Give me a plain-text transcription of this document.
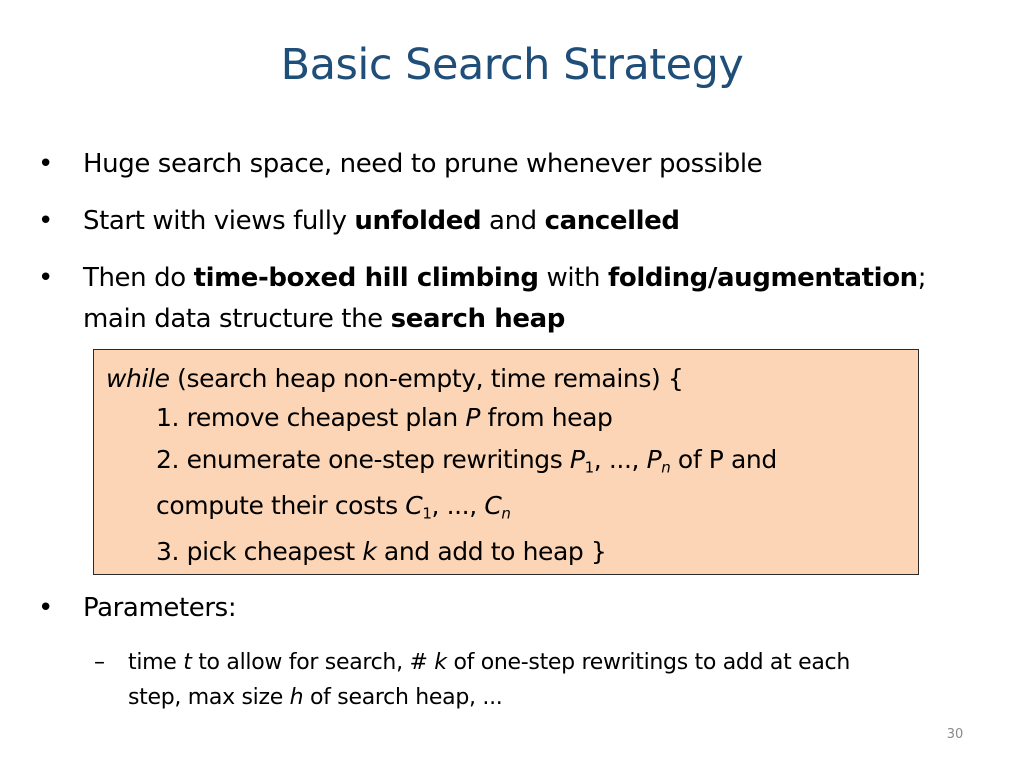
Basic Search Strategy
• Huge search space, need to prune whenever possible
• Start with views fully unfolded and cancelled
• Then do time-boxed hill climbing with folding/augmentation;
main data structure the search heap
while (search heap non-empty, time remains) {
1. remove cheapest plan P from heap
2. enumerate one-step rewritings $P_1$, ..., $P_n$ of P and
compute their costs $C_1$, ..., $C_n$
3. pick cheapest k and add to heap }
• Parameters:
– time t to allow for search, # k of one-step rewritings to add at each
step, max size h of search heap, ...
30
